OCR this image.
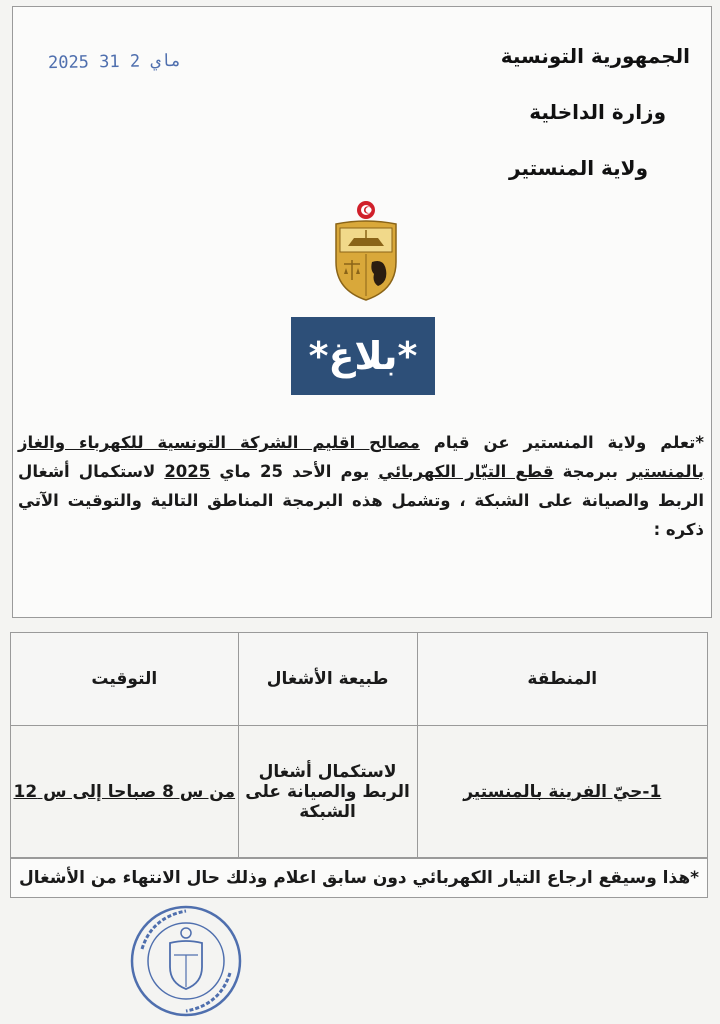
2025 ماي 2 31	الجمهورية التونسية
وزارة الداخلية
ولاية المنستير
*بلاغ*
*تعلم ولاية المنستير عن قيام مصالح اقليم الشركة التونسية للكهرباء والغاز بالمنستير ببرمجة قطع التيّار الكهربائي يوم الأحد 25 ماي 2025 لاستكمال أشغال الربط والصيانة على الشبكة ، وتشمل هذه البرمجة المناطق التالية والتوقيت الآتي ذكره :
المنطقة	طبيعة الأشغال	التوقيت
1-حيّ الفرينة بالمنستير	لاستكمال أشغال الربط والصيانة على الشبكة	من س 8 صباحا إلى س 12
*هذا وسيقع ارجاع التيار الكهربائي دون سابق اعلام وذلك حال الانتهاء من الأشغال
